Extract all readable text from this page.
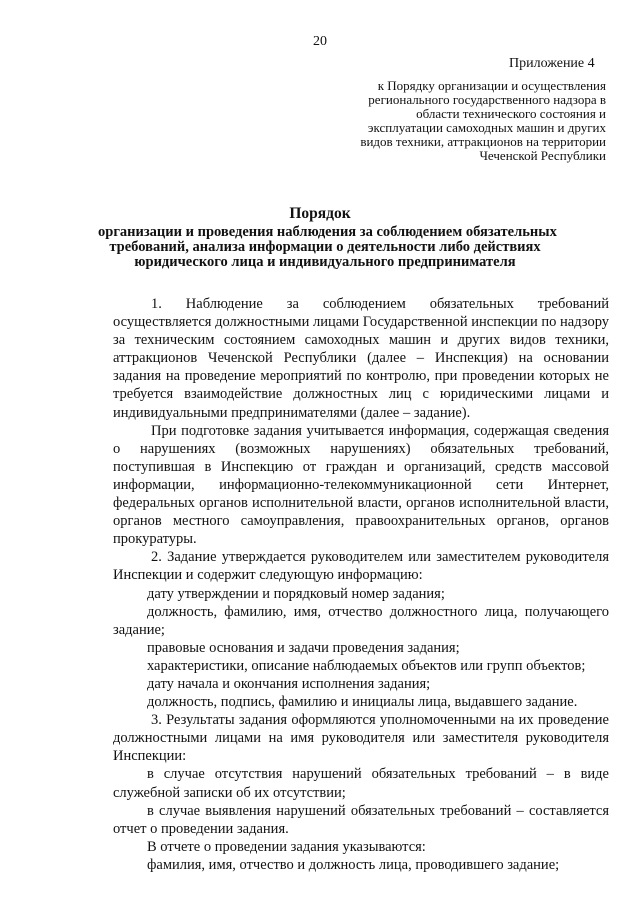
20
Приложение 4
к Порядку организации и осуществления
регионального государственного надзора в
области технического состояния и
эксплуатации самоходных машин и других
видов техники, аттракционов на территории
Чеченской Республики
Порядок
организации и проведения наблюдения за соблюдением обязательных
требований, анализа информации о деятельности либо действиях
юридического лица и индивидуального предпринимателя

1. Наблюдение за соблюдением обязательных требований осуществляется должностными лицами Государственной инспекции по надзору за техническим состоянием самоходных машин и других видов техники, аттракционов Чеченской Республики (далее – Инспекция) на основании задания на проведение мероприятий по контролю, при проведении которых не требуется взаимодействие должностных лиц с юридическими лицами и индивидуальными предпринимателями (далее – задание).

При подготовке задания учитывается информация, содержащая сведения о нарушениях (возможных нарушениях) обязательных требований, поступившая в Инспекцию от граждан и организаций, средств массовой информации, информационно-телекоммуникационной сети Интернет, федеральных органов исполнительной власти, органов исполнительной власти, органов местного самоуправления, правоохранительных органов, органов прокуратуры.

2. Задание утверждается руководителем или заместителем руководителя Инспекции и содержит следующую информацию:

дату утверждении и порядковый номер задания;

должность, фамилию, имя, отчество должностного лица, получающего задание;

правовые основания и задачи проведения задания;

характеристики, описание наблюдаемых объектов или групп объектов;

дату начала и окончания исполнения задания;

должность, подпись, фамилию и инициалы лица, выдавшего задание.

3. Результаты задания оформляются уполномоченными на их проведение должностными лицами на имя руководителя или заместителя руководителя Инспекции:

в случае отсутствия нарушений обязательных требований – в виде служебной записки об их отсутствии;

в случае выявления нарушений обязательных требований – составляется отчет о проведении задания.

В отчете о проведении задания указываются:

фамилия, имя, отчество и должность лица, проводившего задание;
